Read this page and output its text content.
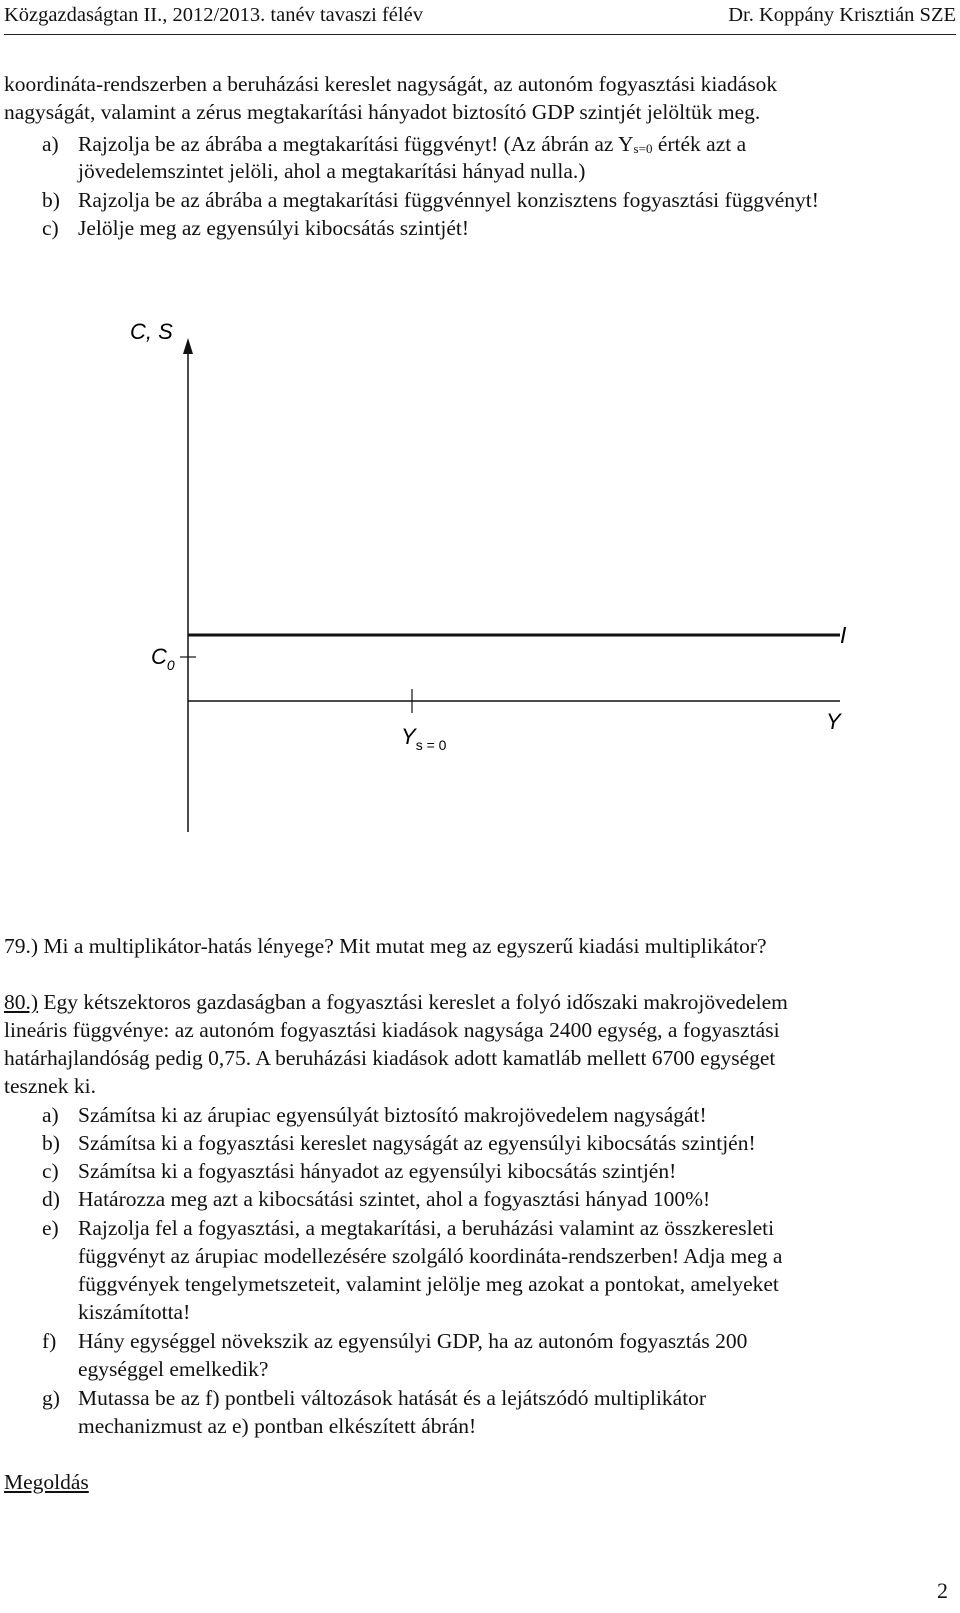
Közgazdaságtan II., 2012/2013. tanév tavaszi félév	Dr. Koppány Krisztián SZE
koordináta-rendszerben a beruházási kereslet nagyságát, az autonóm fogyasztási kiadások
nagyságát, valamint a zérus megtakarítási hányadot biztosító GDP szintjét jelöltük meg.
a) Rajzolja be az ábrába a megtakarítási függvényt! (Az ábrán az Ys=0 érték azt a
jövedelemszintet jelöli, ahol a megtakarítási hányad nulla.)
b) Rajzolja be az ábrába a megtakarítási függvénnyel konzisztens fogyasztási függvényt!
c) Jelölje meg az egyensúlyi kibocsátás szintjét!
C, S
$C_0$
I
Y
$Y_{s = 0}$
79.) Mi a multiplikátor-hatás lényege? Mit mutat meg az egyszerű kiadási multiplikátor?
80.) Egy kétszektoros gazdaságban a fogyasztási kereslet a folyó időszaki makrojövedelem
lineáris függvénye: az autonóm fogyasztási kiadások nagysága 2400 egység, a fogyasztási
határhajlandóság pedig 0,75. A beruházási kiadások adott kamatláb mellett 6700 egységet
tesznek ki.
a) Számítsa ki az árupiac egyensúlyát biztosító makrojövedelem nagyságát!
b) Számítsa ki a fogyasztási kereslet nagyságát az egyensúlyi kibocsátás szintjén!
c) Számítsa ki a fogyasztási hányadot az egyensúlyi kibocsátás szintjén!
d) Határozza meg azt a kibocsátási szintet, ahol a fogyasztási hányad 100%!
e) Rajzolja fel a fogyasztási, a megtakarítási, a beruházási valamint az összkeresleti
függvényt az árupiac modellezésére szolgáló koordináta-rendszerben! Adja meg a
függvények tengelymetszeteit, valamint jelölje meg azokat a pontokat, amelyeket
kiszámította!
f) Hány egységgel növekszik az egyensúlyi GDP, ha az autonóm fogyasztás 200
egységgel emelkedik?
g) Mutassa be az f) pontbeli változások hatását és a lejátszódó multiplikátor
mechanizmust az e) pontban elkészített ábrán!
Megoldás
2
